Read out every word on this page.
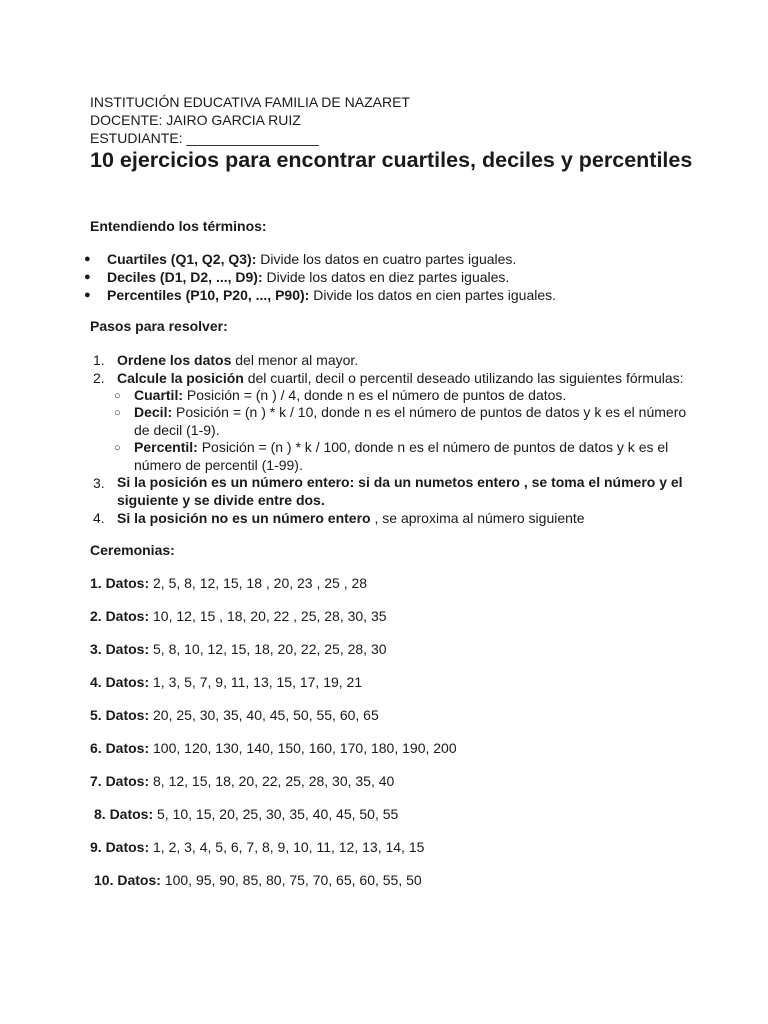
INSTITUCIÓN EDUCATIVA FAMILIA DE NAZARET
DOCENTE: JAIRO GARCIA RUIZ
ESTUDIANTE: _________________
10 ejercicios para encontrar cuartiles, deciles y percentiles
Entendiendo los términos:
● Cuartiles (Q1, Q2, Q3): Divide los datos en cuatro partes iguales.
● Deciles (D1, D2, ..., D9): Divide los datos en diez partes iguales.
● Percentiles (P10, P20, ..., P90): Divide los datos en cien partes iguales.
Pasos para resolver:
1. Ordene los datos del menor al mayor.
2. Calcule la posición del cuartil, decil o percentil deseado utilizando las siguientes fórmulas:
○ Cuartil: Posición = (n ) / 4, donde n es el número de puntos de datos.
○ Decil: Posición = (n ) * k / 10, donde n es el número de puntos de datos y k es el número de decil (1-9).
○ Percentil: Posición = (n ) * k / 100, donde n es el número de puntos de datos y k es el número de percentil (1-99).
3. Si la posición es un número entero: si da un numetos entero , se toma el número y el siguiente y se divide entre dos.
4. Si la posición no es un número entero , se aproxima al número siguiente
Ceremonias:
1. Datos: 2, 5, 8, 12, 15, 18 , 20, 23 , 25 , 28
2. Datos: 10, 12, 15 , 18, 20, 22 , 25, 28, 30, 35
3. Datos: 5, 8, 10, 12, 15, 18, 20, 22, 25, 28, 30
4. Datos: 1, 3, 5, 7, 9, 11, 13, 15, 17, 19, 21
5. Datos: 20, 25, 30, 35, 40, 45, 50, 55, 60, 65
6. Datos: 100, 120, 130, 140, 150, 160, 170, 180, 190, 200
7. Datos: 8, 12, 15, 18, 20, 22, 25, 28, 30, 35, 40
8. Datos: 5, 10, 15, 20, 25, 30, 35, 40, 45, 50, 55
9. Datos: 1, 2, 3, 4, 5, 6, 7, 8, 9, 10, 11, 12, 13, 14, 15
10. Datos: 100, 95, 90, 85, 80, 75, 70, 65, 60, 55, 50
